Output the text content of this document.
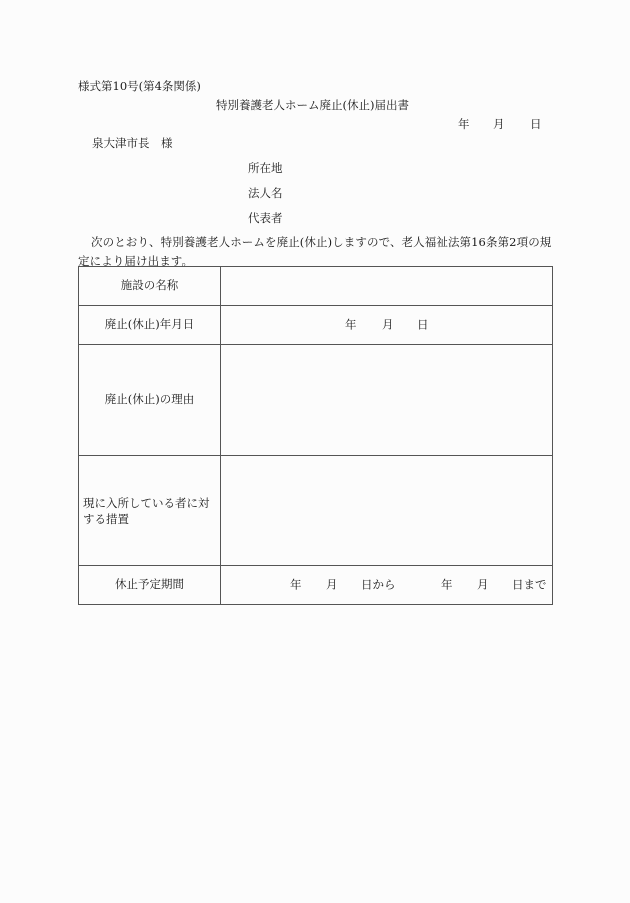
様式第10号(第4条関係)
特別養護老人ホーム廃止(休止)届出書
年 月 日
泉大津市長　様
所在地
法人名
代表者
次のとおり、特別養護老人ホームを廃止(休止)しますので、老人福祉法第16条第2項の規定により届け出ます。
施設の名称	
廃止(休止)年月日	年 月 日

廃止(休止)の理由	
現に入所している者に対する措置	
休止予定期間	年 月 日から	年 月 日まで
